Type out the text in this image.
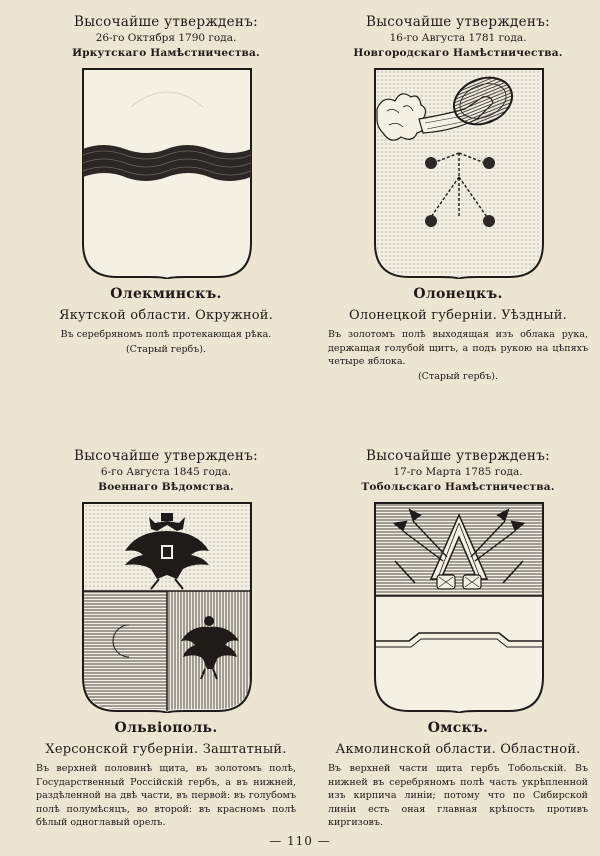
Высочайше утвержденъ:
26-го Октября 1790 года.
Иркутскаго Намѣстничества.
Олекминскъ.
Якутской области. Окружной.
Въ серебряномъ полѣ протекающая рѣка.
(Старый гербъ).
Высочайше утвержденъ:
16-го Августа 1781 года.
Новгородскаго Намѣстничества.
Олонецкъ.
Олонецкой губерніи. Уѣздный.
Въ золотомъ полѣ выходящая изъ облака рука, держащая голубой щитъ, а подъ рукою на цѣпяхъ четыре яблока.
(Старый гербъ).
Высочайше утвержденъ:
6-го Августа 1845 года.
Военнаго Вѣдомства.
Ольвіополь.
Херсонской губерніи. Заштатный.
Въ верхней половинѣ щита, въ золотомъ полѣ, Государственный Россійскій гербъ, а въ нижней, раздѣленной на двѣ части, въ первой: въ голубомъ полѣ полумѣсяцъ, во второй: въ красномъ полѣ бѣлый одноглавый орелъ.
Высочайше утвержденъ:
17-го Марта 1785 года.
Тобольскаго Намѣстничества.
Омскъ.
Акмолинской области. Областной.
Въ верхней части щита гербъ Тобольскій. Въ нижней въ серебряномъ полѣ часть укрѣпленной изъ кирпича линіи; потому что по Сибирской линіи есть оная главная крѣпость противъ киргизовъ.
— 110 —
